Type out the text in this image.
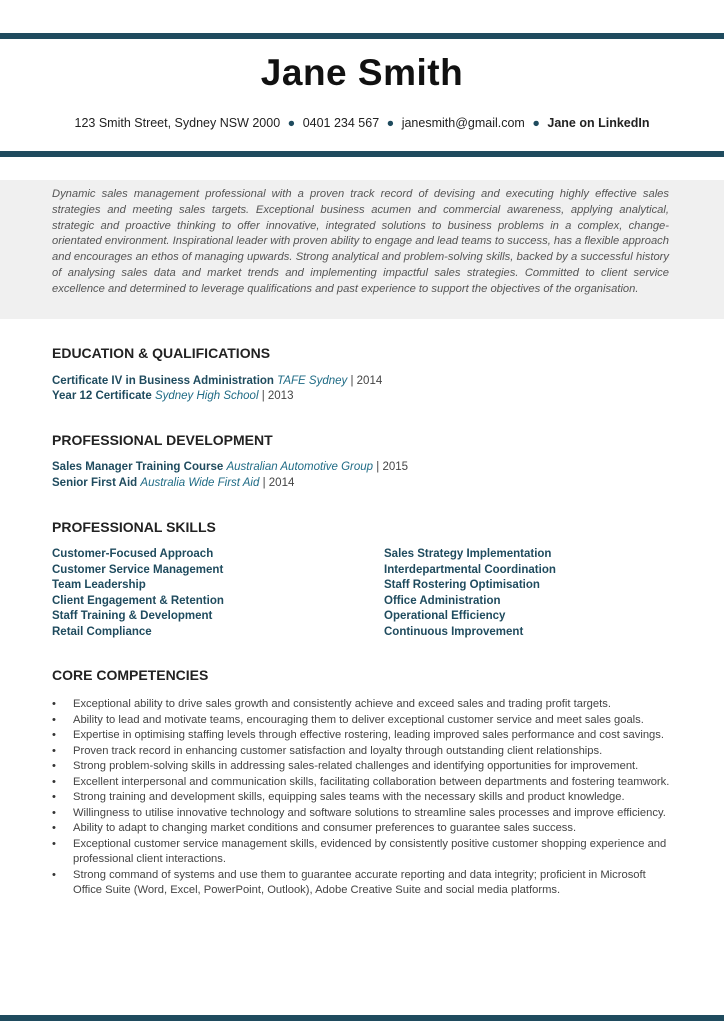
Jane Smith
123 Smith Street, Sydney NSW 2000 ● 0401 234 567 ● janesmith@gmail.com ● Jane on LinkedIn
Dynamic sales management professional with a proven track record of devising and executing highly effective sales strategies and meeting sales targets. Exceptional business acumen and commercial awareness, applying analytical, strategic and proactive thinking to offer innovative, integrated solutions to business problems in a complex, change-orientated environment. Inspirational leader with proven ability to engage and lead teams to success, has a flexible approach and encourages an ethos of managing upwards. Strong analytical and problem-solving skills, backed by a successful history of analysing sales data and market trends and implementing impactful sales strategies. Committed to client service excellence and determined to leverage qualifications and past experience to support the objectives of the organisation.
EDUCATION & QUALIFICATIONS
Certificate IV in Business Administration TAFE Sydney | 2014
Year 12 Certificate Sydney High School | 2013
PROFESSIONAL DEVELOPMENT
Sales Manager Training Course Australian Automotive Group | 2015
Senior First Aid Australia Wide First Aid | 2014
PROFESSIONAL SKILLS
Customer-Focused Approach
Customer Service Management
Team Leadership
Client Engagement & Retention
Staff Training & Development
Retail Compliance
Sales Strategy Implementation
Interdepartmental Coordination
Staff Rostering Optimisation
Office Administration
Operational Efficiency
Continuous Improvement
CORE COMPETENCIES
• Exceptional ability to drive sales growth and consistently achieve and exceed sales and trading profit targets.
• Ability to lead and motivate teams, encouraging them to deliver exceptional customer service and meet sales goals.
• Expertise in optimising staffing levels through effective rostering, leading improved sales performance and cost savings.
• Proven track record in enhancing customer satisfaction and loyalty through outstanding client relationships.
• Strong problem-solving skills in addressing sales-related challenges and identifying opportunities for improvement.
• Excellent interpersonal and communication skills, facilitating collaboration between departments and fostering teamwork.
• Strong training and development skills, equipping sales teams with the necessary skills and product knowledge.
• Willingness to utilise innovative technology and software solutions to streamline sales processes and improve efficiency.
• Ability to adapt to changing market conditions and consumer preferences to guarantee sales success.
• Exceptional customer service management skills, evidenced by consistently positive customer shopping experience and professional client interactions.
• Strong command of systems and use them to guarantee accurate reporting and data integrity; proficient in Microsoft Office Suite (Word, Excel, PowerPoint, Outlook), Adobe Creative Suite and social media platforms.
